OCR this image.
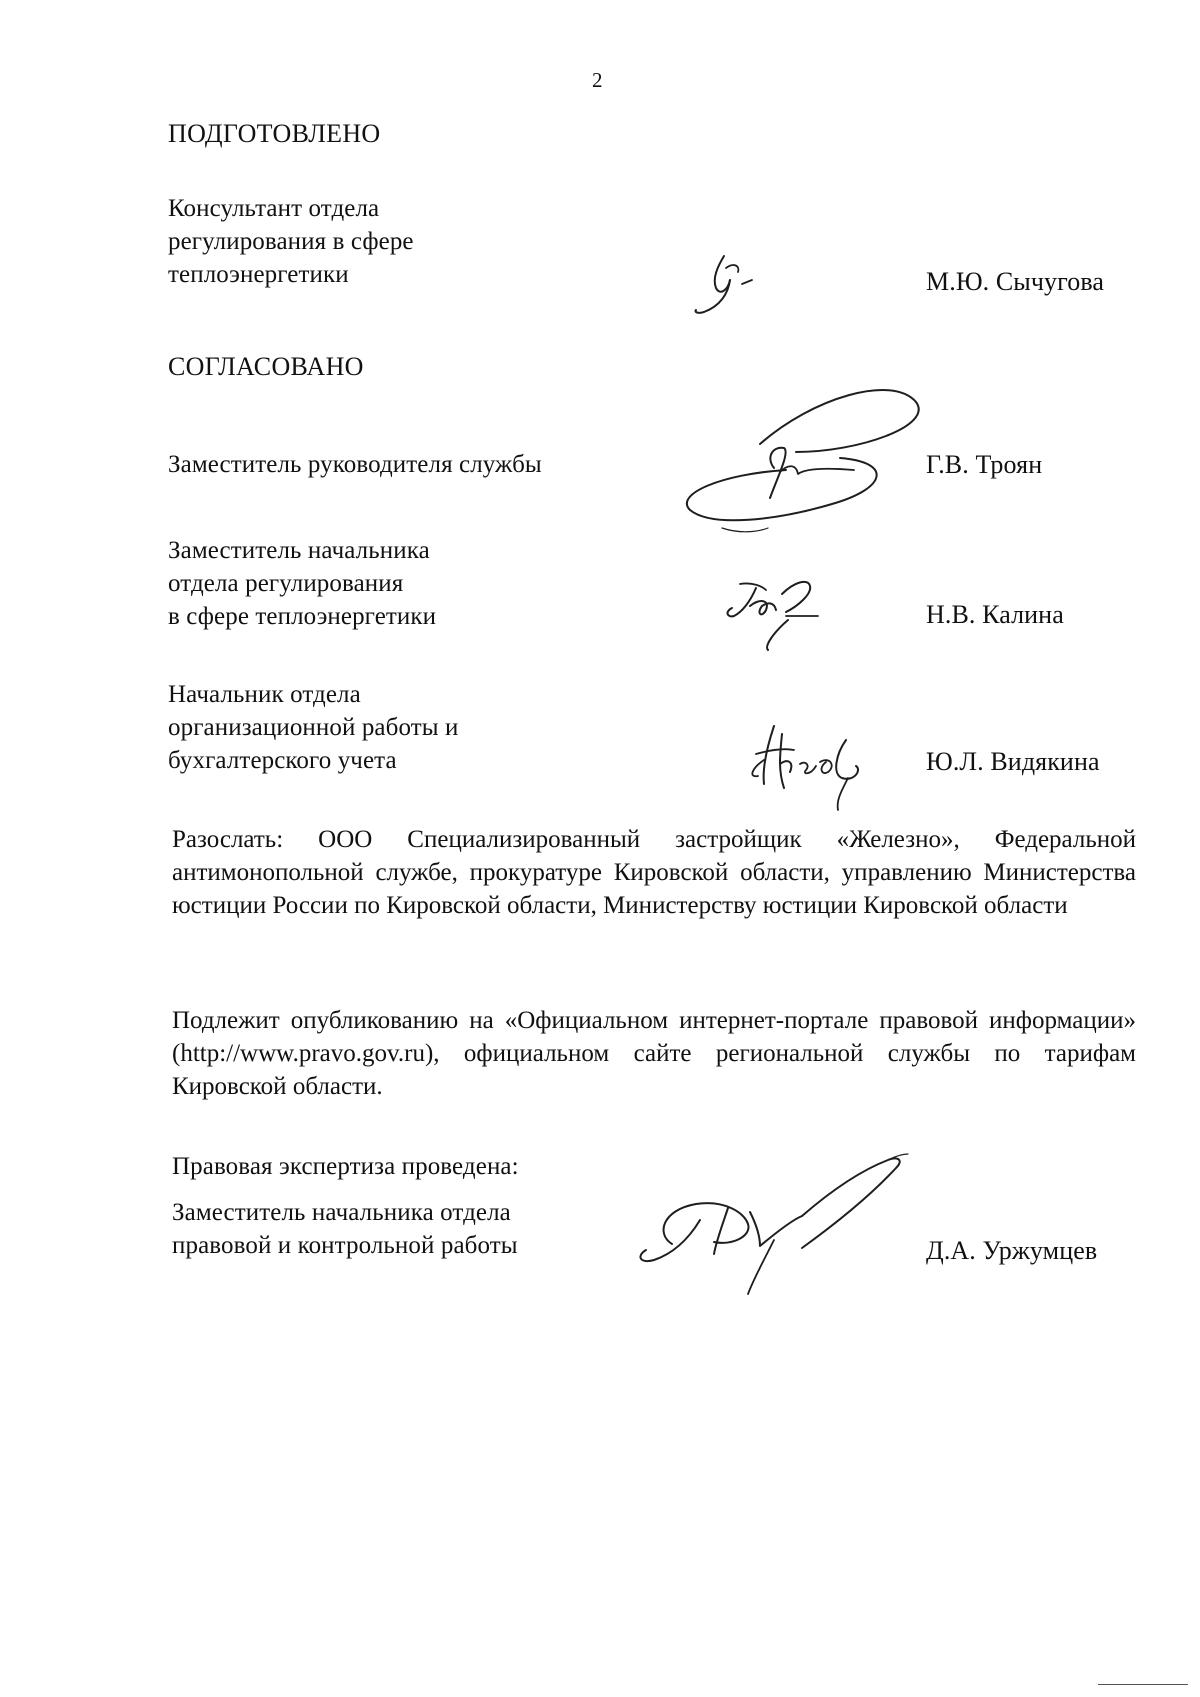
2

ПОДГОТОВЛЕНО

Консультант отдела
регулирования в сфере
теплоэнергетики	М.Ю. Сычугова

СОГЛАСОВАНО

Заместитель руководителя службы	Г.В. Троян

Заместитель начальника
отдела регулирования
в сфере теплоэнергетики	Н.В. Калина

Начальник отдела
организационной работы и
бухгалтерского учета	Ю.Л. Видякина

Разослать: ООО Специализированный застройщик «Железно», Федеральной антимонопольной службе, прокуратуре Кировской области, управлению Министерства юстиции России по Кировской области, Министерству юстиции Кировской области

Подлежит опубликованию на «Официальном интернет-портале правовой информации» (http://www.pravo.gov.ru), официальном сайте региональной службы по тарифам Кировской области.

Правовая экспертиза проведена:

Заместитель начальника отдела
правовой и контрольной работы	Д.А. Уржумцев
